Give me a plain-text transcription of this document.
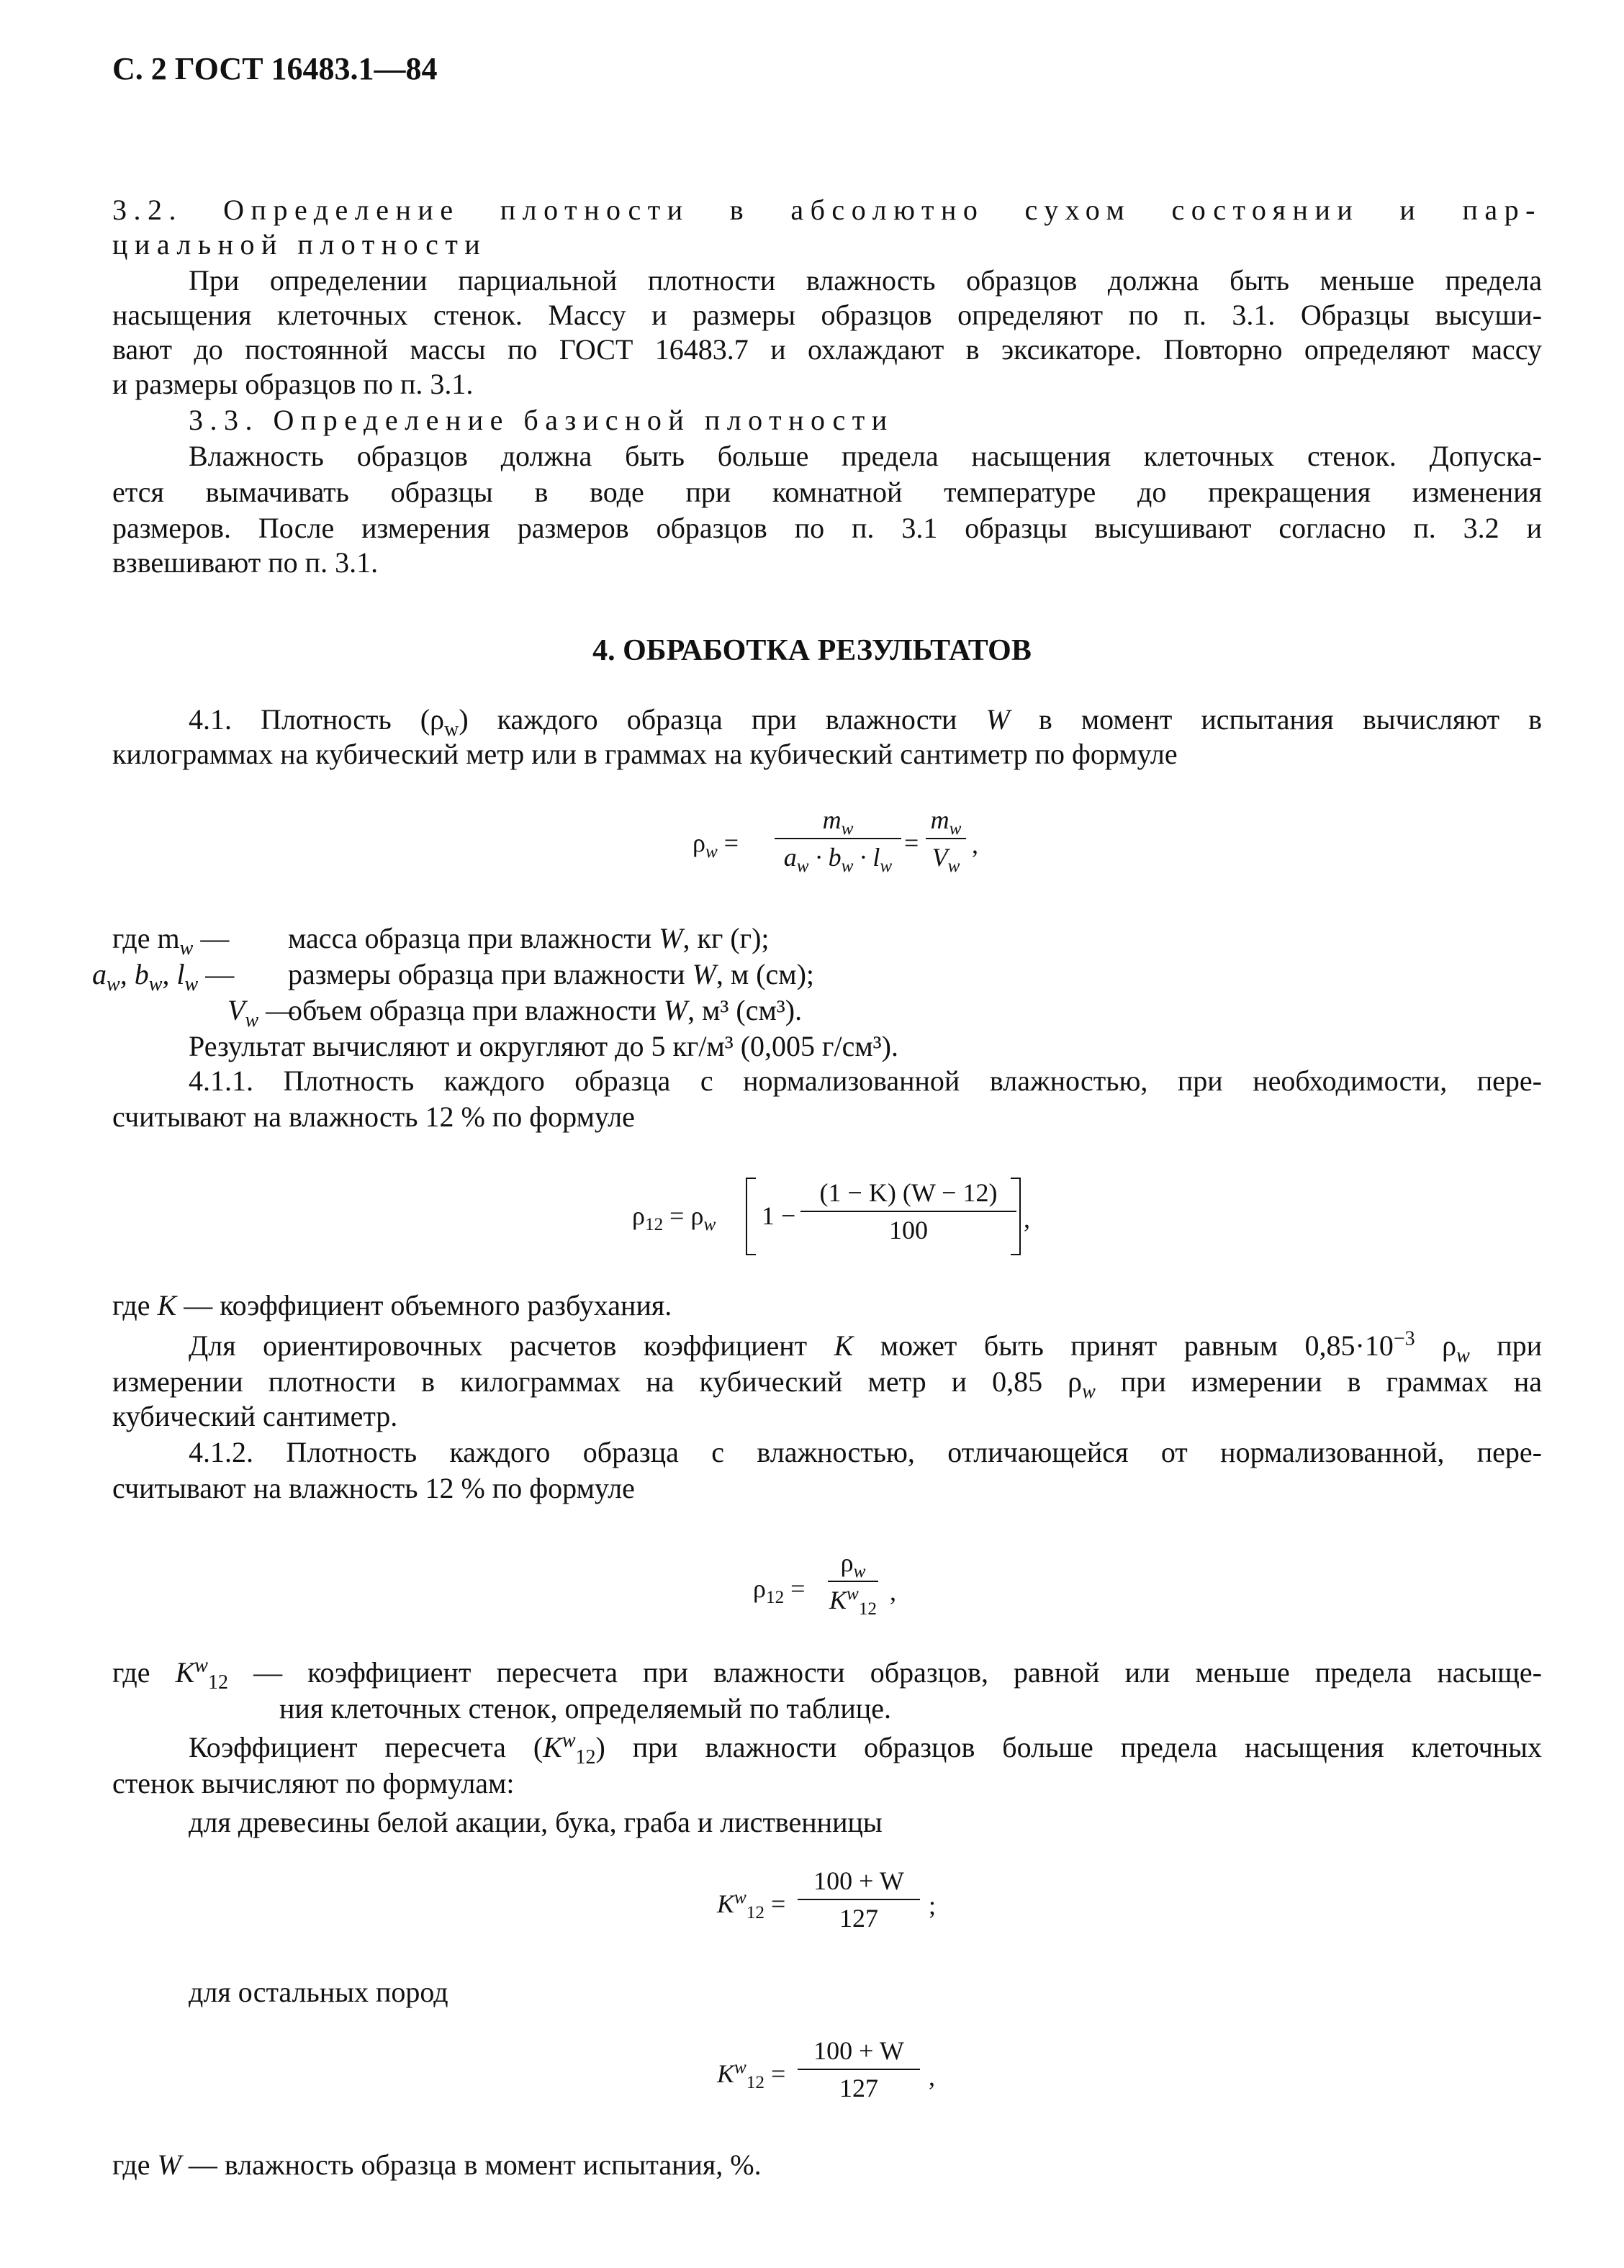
С. 2 ГОСТ 16483.1—84
3.2. Определение плотности в абсолютно сухом состоянии и пар-
циальной плотности
При определении парциальной плотности влажность образцов должна быть меньше предела
насыщения клеточных стенок. Массу и размеры образцов определяют по п. 3.1. Образцы высуши-
вают до постоянной массы по ГОСТ 16483.7 и охлаждают в эксикаторе. Повторно определяют массу
и размеры образцов по п. 3.1.
3.3. Определение базисной плотности
Влажность образцов должна быть больше предела насыщения клеточных стенок. Допуска-
ется вымачивать образцы в воде при комнатной температуре до прекращения изменения
размеров. После измерения размеров образцов по п. 3.1 образцы высушивают согласно п. 3.2 и
взвешивают по п. 3.1.
4. ОБРАБОТКА РЕЗУЛЬТАТОВ
4.1. Плотность $(\rho_w)$ каждого образца при влажности W в момент испытания вычисляют в
килограммах на кубический метр или в граммах на кубический сантиметр по формуле
$\rho_w = \frac{m_w}{a_w \cdot b_w \cdot l_w} = \frac{m_w}{V_w}$ ,
где $m_w$ — масса образца при влажности W, кг (г);
$a_w$, $b_w$, $l_w$ — размеры образца при влажности W, м (см);
$V_w$ —
объем образца при влажности W, м³ (см³).
Результат вычисляют и округляют до 5 кг/м³ (0,005 г/см³).
4.1.1. Плотность каждого образца с нормализованной влажностью, при необходимости, пере-
считывают на влажность 12 % по формуле
$\rho_{12} = \rho_w$ $1 - \frac{(1 - K) (W - 12)}{100}$ ,
где K — коэффициент объемного разбухания.
Для ориентировочных расчетов коэффициент K может быть принят равным $0,85\cdot 10^{-3}$ $\rho_w$ при
измерении плотности в килограммах на кубический метр и 0,85 $\rho_w$ при измерении в граммах на
кубический сантиметр.
4.1.2. Плотность каждого образца с влажностью, отличающейся от нормализованной, пере-
считывают на влажность 12 % по формуле
$\rho_{12} = \frac{\rho_w}{K^w_{12}}$ ,
где $K^w_{12}$ — коэффициент пересчета при влажности образцов, равной или меньше предела насыще-
ния клеточных стенок, определяемый по таблице.
Коэффициент пересчета $(K^w_{12})$ при влажности образцов больше предела насыщения клеточных
стенок вычисляют по формулам:
для древесины белой акации, бука, граба и лиственницы
$K^w_{12} = \frac{100 + W}{127}$ ;
для остальных пород
$K^w_{12} = \frac{100 + W}{127}$ ,
где W — влажность образца в момент испытания, %.
